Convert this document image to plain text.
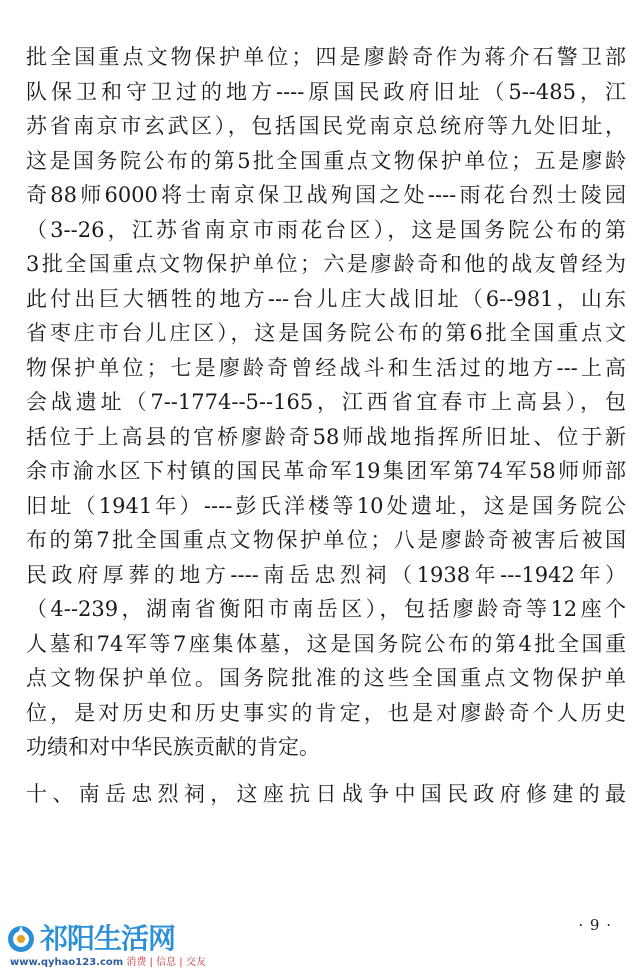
批全国重点文物保护单位；四是廖龄奇作为蒋介石警卫部
队保卫和守卫过的地方----原国民政府旧址（5--485，江
苏省南京市玄武区），包括国民党南京总统府等九处旧址，
这是国务院公布的第5批全国重点文物保护单位；五是廖龄
奇88师6000将士南京保卫战殉国之处----雨花台烈士陵园
（3--26，江苏省南京市雨花台区），这是国务院公布的第
3批全国重点文物保护单位；六是廖龄奇和他的战友曾经为
此付出巨大牺牲的地方---台儿庄大战旧址（6--981，山东
省枣庄市台儿庄区），这是国务院公布的第6批全国重点文
物保护单位；七是廖龄奇曾经战斗和生活过的地方---上高
会战遗址（7--1774--5--165，江西省宜春市上高县），包
括位于上高县的官桥廖龄奇58师战地指挥所旧址、位于新
余市渝水区下村镇的国民革命军19集团军第74军58师师部
旧址（1941年）----彭氏洋楼等10处遗址，这是国务院公
布的第7批全国重点文物保护单位；八是廖龄奇被害后被国
民政府厚葬的地方----南岳忠烈祠（1938年---1942年）
（4--239，湖南省衡阳市南岳区），包括廖龄奇等12座个
人墓和74军等7座集体墓，这是国务院公布的第4批全国重
点文物保护单位。国务院批准的这些全国重点文物保护单
位，是对历史和历史事实的肯定，也是对廖龄奇个人历史
功绩和对中华民族贡献的肯定。
十、南岳忠烈祠，这座抗日战争中国民政府修建的最
· 9 ·
祁阳生活网
www.qyhao123.com 消费 | 信息 | 交友
